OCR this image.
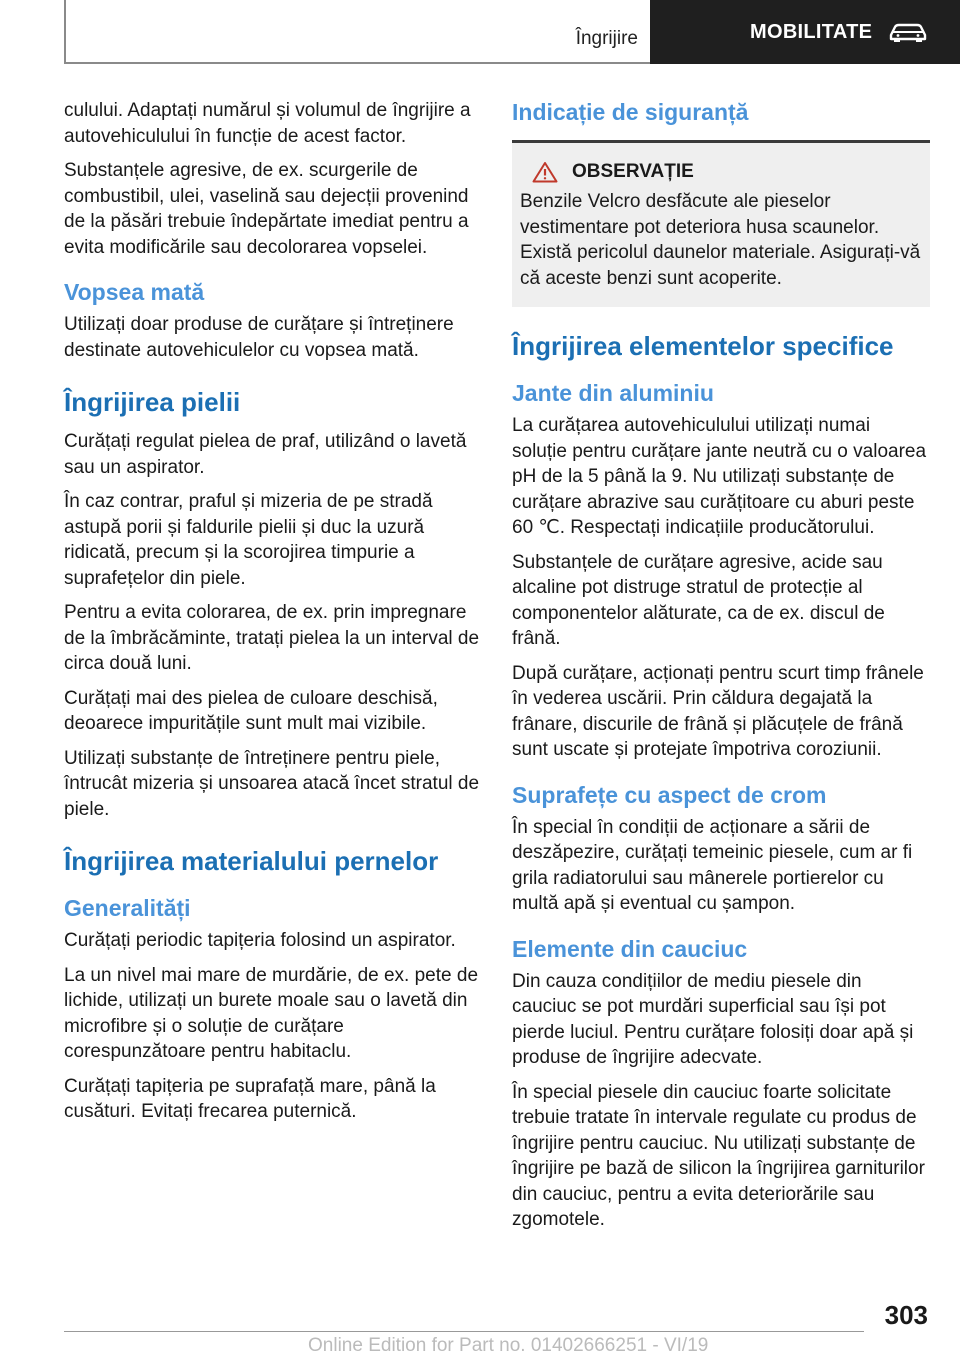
Îngrijire	MOBILITATE

culului. Adaptați numărul și volumul de îngrijire a autovehiculului în funcție de acest factor.

Substanțele agresive, de ex. scurgerile de combustibil, ulei, vaselină sau dejecții provenind de la păsări trebuie îndepărtate imediat pentru a evita modificările sau decolorarea vopselei.

Vopsea mată

Utilizați doar produse de curățare și întreținere destinate autovehiculelor cu vopsea mată.

Îngrijirea pielii

Curățați regulat pielea de praf, utilizând o lavetă sau un aspirator.

În caz contrar, praful și mizeria de pe stradă astupă porii și faldurile pielii și duc la uzură ridicată, precum și la scorojirea timpurie a suprafețelor din piele.

Pentru a evita colorarea, de ex. prin impregnare de la îmbrăcăminte, tratați pielea la un interval de circa două luni.

Curățați mai des pielea de culoare deschisă, deoarece impuritățile sunt mult mai vizibile.

Utilizați substanțe de întreținere pentru piele, întrucât mizeria și unsoarea atacă încet stratul de piele.

Îngrijirea materialului pernelor
Generalități

Curățați periodic tapițeria folosind un aspirator.

La un nivel mai mare de murdărie, de ex. pete de lichide, utilizați un burete moale sau o lavetă din microfibre și o soluție de curățare corespunzătoare pentru habitaclu.

Curățați tapițeria pe suprafață mare, până la cusături. Evitați frecarea puternică.

Indicație de siguranță
OBSERVAȚIE

Benzile Velcro desfăcute ale pieselor vestimentare pot deteriora husa scaunelor. Există pericolul daunelor materiale. Asigurați-vă că aceste benzi sunt acoperite.

Îngrijirea elementelor specifice
Jante din aluminiu

La curățarea autovehiculului utilizați numai soluție pentru curățare jante neutră cu o valoarea pH de la 5 până la 9. Nu utilizați substanțe de curățare abrazive sau curățitoare cu aburi peste 60 ℃. Respectați indicațiile producătorului.

Substanțele de curățare agresive, acide sau alcaline pot distruge stratul de protecție al componentelor alăturate, ca de ex. discul de frână.

După curățare, acționați pentru scurt timp frânele în vederea uscării. Prin căldura degajată la frânare, discurile de frână și plăcuțele de frână sunt uscate și protejate împotriva coroziunii.

Suprafețe cu aspect de crom

În special în condiții de acționare a sării de deszăpezire, curățați temeinic piesele, cum ar fi grila radiatorului sau mânerele portierelor cu multă apă și eventual cu șampon.

Elemente din cauciuc

Din cauza condițiilor de mediu piesele din cauciuc se pot murdări superficial sau își pot pierde luciul. Pentru curățare folosiți doar apă și produse de îngrijire adecvate.

În special piesele din cauciuc foarte solicitate trebuie tratate în intervale regulate cu produs de îngrijire pentru cauciuc. Nu utilizați substanțe de îngrijire pe bază de silicon la îngrijirea garniturilor din cauciuc, pentru a evita deteriorările sau zgomotele.

303
Online Edition for Part no. 01402666251 - VI/19
